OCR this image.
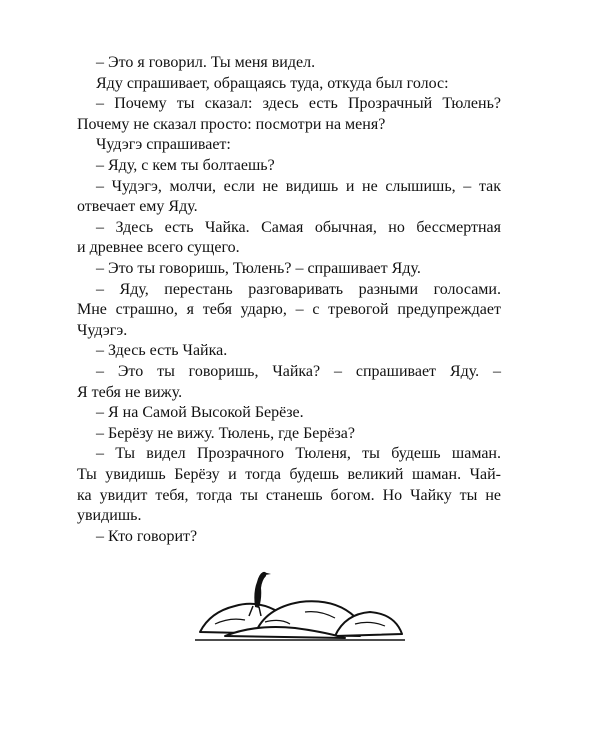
– Это я говорил. Ты меня видел.
Яду спрашивает, обращаясь туда, откуда был голос:
– Почему ты сказал: здесь есть Прозрачный Тюлень?
Почему не сказал просто: посмотри на меня?
Чудэгэ спрашивает:
– Яду, с кем ты болтаешь?
– Чудэгэ, молчи, если не видишь и не слышишь, – так
отвечает ему Яду.
– Здесь есть Чайка. Самая обычная, но бессмертная
и древнее всего сущего.
– Это ты говоришь, Тюлень? – спрашивает Яду.
– Яду, перестань разговаривать разными голосами.
Мне страшно, я тебя ударю, – с тревогой предупреждает
Чудэгэ.
– Здесь есть Чайка.
– Это ты говоришь, Чайка? – спрашивает Яду. –
Я тебя не вижу.
– Я на Самой Высокой Берёзе.
– Берёзу не вижу. Тюлень, где Берёза?
– Ты видел Прозрачного Тюленя, ты будешь шаман.
Ты увидишь Берёзу и тогда будешь великий шаман. Чай-
ка увидит тебя, тогда ты станешь богом. Но Чайку ты не
увидишь.
– Кто говорит?
